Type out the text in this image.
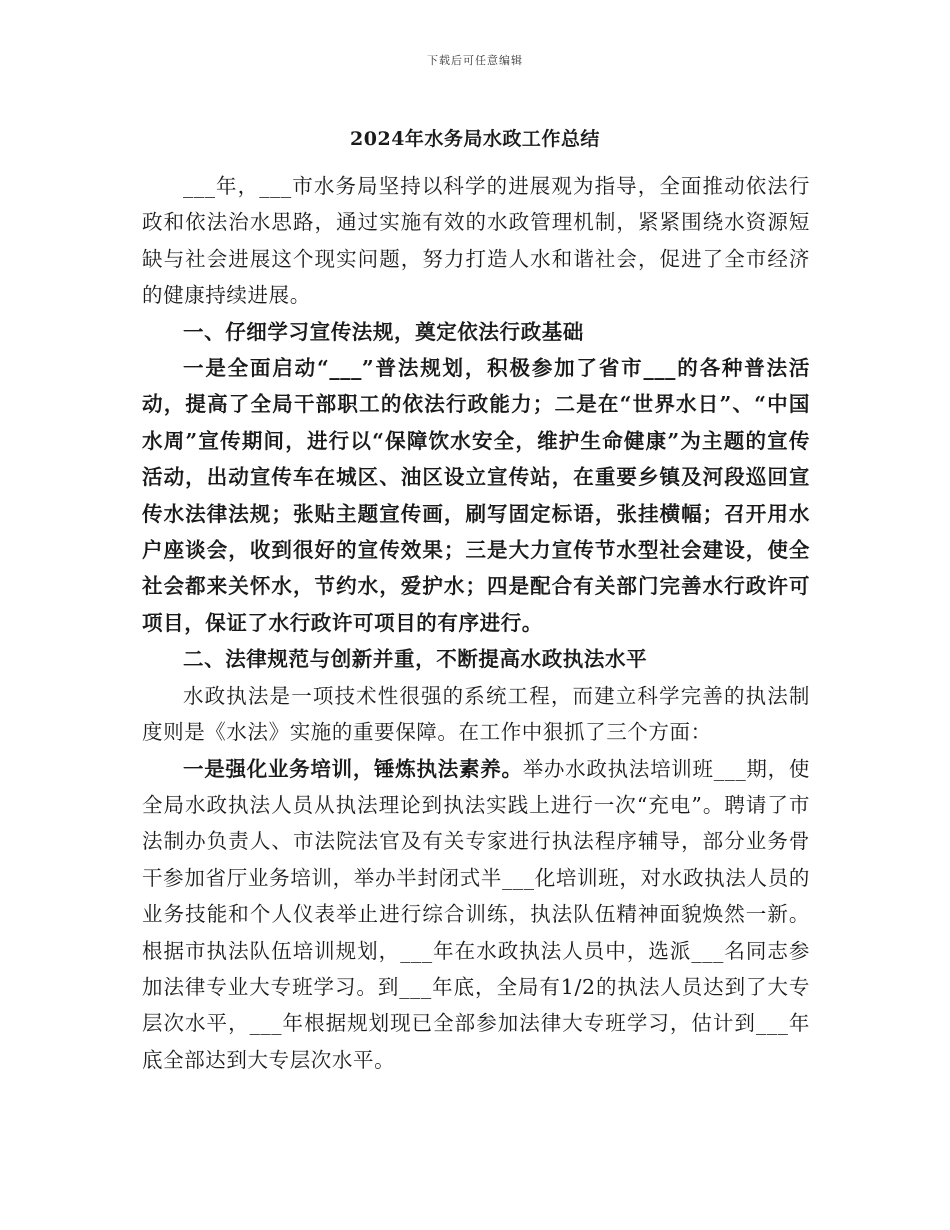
下载后可任意编辑
2024年水务局水政工作总结

___年，___市水务局坚持以科学的进展观为指导，全面推动依法行政和依法治水思路，通过实施有效的水政管理机制，紧紧围绕水资源短缺与社会进展这个现实问题，努力打造人水和谐社会，促进了全市经济的健康持续进展。

一、仔细学习宣传法规，奠定依法行政基础

一是全面启动“___”普法规划，积极参加了省市___的各种普法活动，提高了全局干部职工的依法行政能力；二是在“世界水日”、“中国水周”宣传期间，进行以“保障饮水安全，维护生命健康”为主题的宣传活动，出动宣传车在城区、油区设立宣传站，在重要乡镇及河段巡回宣传水法律法规；张贴主题宣传画，刷写固定标语，张挂横幅；召开用水户座谈会，收到很好的宣传效果；三是大力宣传节水型社会建设，使全社会都来关怀水，节约水，爱护水；四是配合有关部门完善水行政许可项目，保证了水行政许可项目的有序进行。

二、法律规范与创新并重，不断提高水政执法水平

水政执法是一项技术性很强的系统工程，而建立科学完善的执法制度则是《水法》实施的重要保障。在工作中狠抓了三个方面：

一是强化业务培训，锤炼执法素养。举办水政执法培训班___期，使全局水政执法人员从执法理论到执法实践上进行一次“充电”。聘请了市法制办负责人、市法院法官及有关专家进行执法程序辅导，部分业务骨干参加省厅业务培训，举办半封闭式半___化培训班，对水政执法人员的业务技能和个人仪表举止进行综合训练，执法队伍精神面貌焕然一新。根据市执法队伍培训规划，___年在水政执法人员中，选派___名同志参加法律专业大专班学习。到___年底，全局有1/2的执法人员达到了大专层次水平，___年根据规划现已全部参加法律大专班学习，估计到___年底全部达到大专层次水平。
